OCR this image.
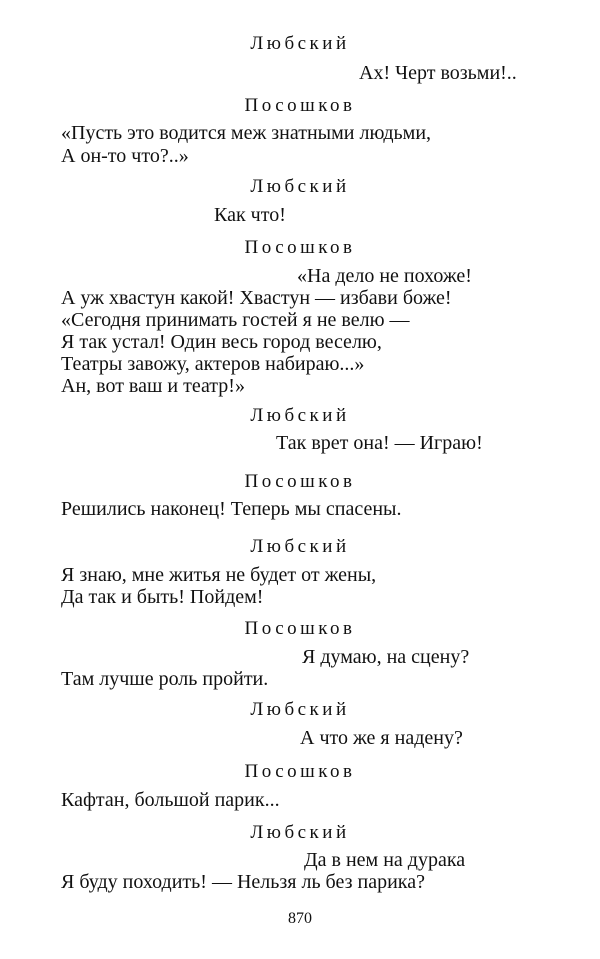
Любский
Ах! Черт возьми!..
Посошков
«Пусть это водится меж знатными людьми,
А он-то что?..»
Любский
Как что!
Посошков
«На дело не похоже!
А уж хвастун какой! Хвастун — избави боже!
«Сегодня принимать гостей я не велю —
Я так устал! Один весь город веселю,
Театры завожу, актеров набираю...»
Ан, вот ваш и театр!»
Любский
Так врет она! — Играю!
Посошков
Решились наконец! Теперь мы спасены.
Любский
Я знаю, мне житья не будет от жены,
Да так и быть! Пойдем!
Посошков
Я думаю, на сцену?
Там лучше роль пройти.
Любский
А что же я надену?
Посошков
Кафтан, большой парик...
Любский
Да в нем на дурака
Я буду походить! — Нельзя ль без парика?
870
